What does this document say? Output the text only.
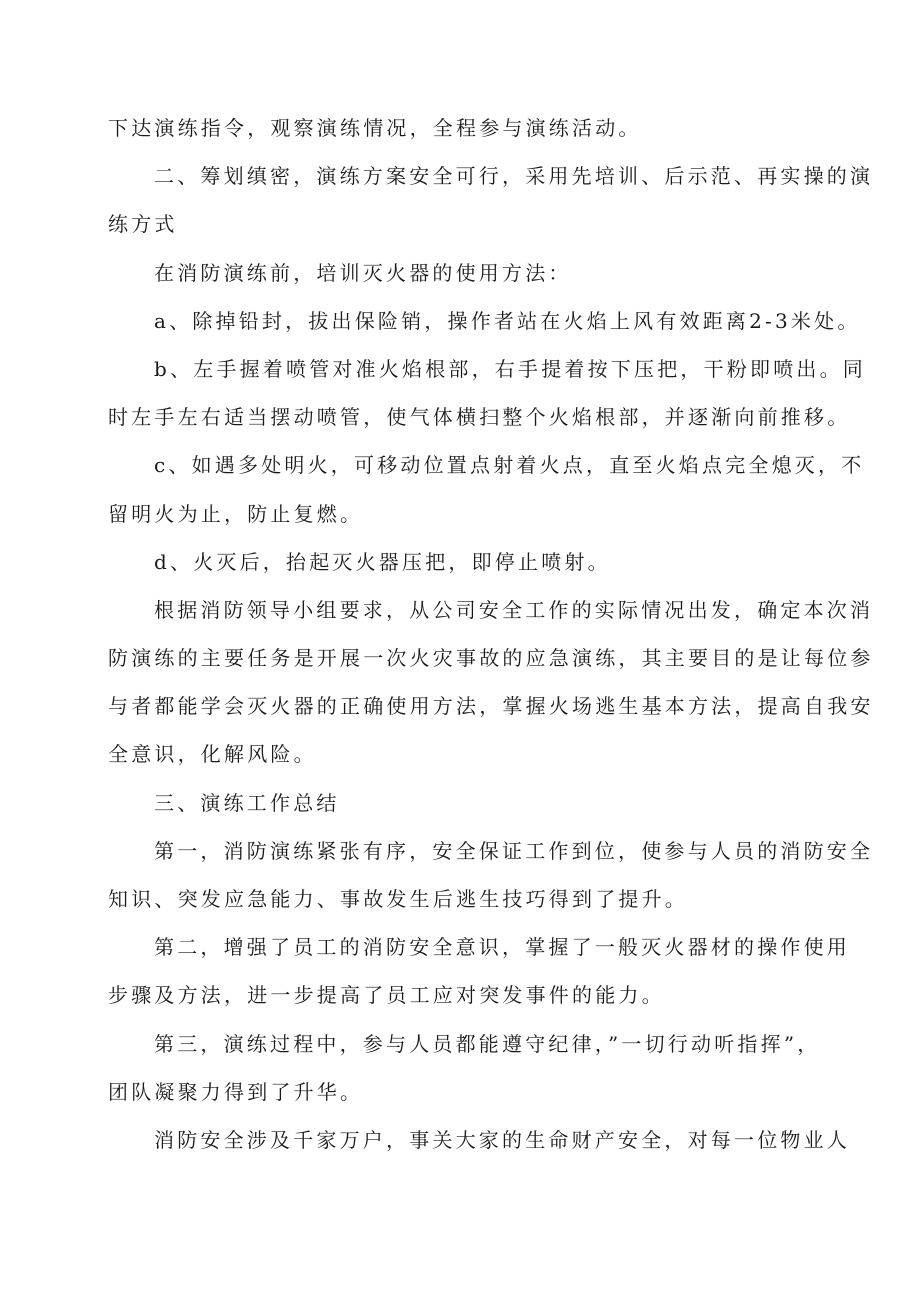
下达演练指令，观察演练情况，全程参与演练活动。
二、筹划缜密，演练方案安全可行，采用先培训、后示范、再实操的演
练方式
在消防演练前，培训灭火器的使用方法：
a、除掉铅封，拔出保险销，操作者站在火焰上风有效距离2-3米处。
b、左手握着喷管对准火焰根部，右手提着按下压把，干粉即喷出。同
时左手左右适当摆动喷管，使气体横扫整个火焰根部，并逐渐向前推移。
c、如遇多处明火，可移动位置点射着火点，直至火焰点完全熄灭，不
留明火为止，防止复燃。
d、火灭后，抬起灭火器压把，即停止喷射。
根据消防领导小组要求，从公司安全工作的实际情况出发，确定本次消
防演练的主要任务是开展一次火灾事故的应急演练，其主要目的是让每位参
与者都能学会灭火器的正确使用方法，掌握火场逃生基本方法，提高自我安
全意识，化解风险。
三、演练工作总结
第一，消防演练紧张有序，安全保证工作到位，使参与人员的消防安全
知识、突发应急能力、事故发生后逃生技巧得到了提升。
第二，增强了员工的消防安全意识，掌握了一般灭火器材的操作使用
步骤及方法，进一步提高了员工应对突发事件的能力。
第三，演练过程中，参与人员都能遵守纪律，”一切行动听指挥”，
团队凝聚力得到了升华。
消防安全涉及千家万户，事关大家的生命财产安全，对每一位物业人
